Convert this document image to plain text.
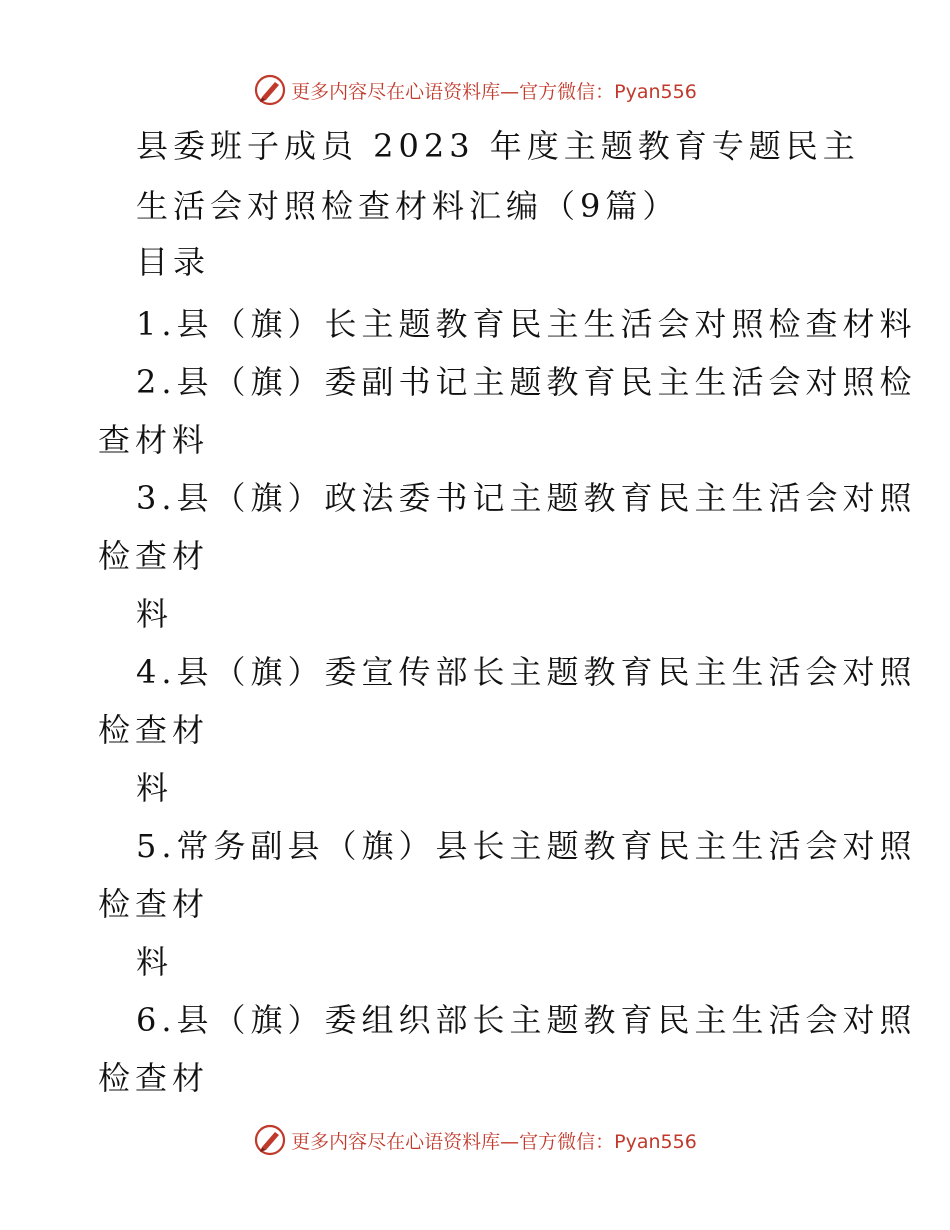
更多内容尽在心语资料库—官方微信：Pyan556
县委班子成员 2023 年度主题教育专题民主
生活会对照检查材料汇编（9篇）
目录
1.县（旗）长主题教育民主生活会对照检查材料
2.县（旗）委副书记主题教育民主生活会对照检
查材料
3.县（旗）政法委书记主题教育民主生活会对照
检查材
料
4.县（旗）委宣传部长主题教育民主生活会对照
检查材
料
5.常务副县（旗）县长主题教育民主生活会对照
检查材
料
6.县（旗）委组织部长主题教育民主生活会对照
检查材
更多内容尽在心语资料库—官方微信：Pyan556
